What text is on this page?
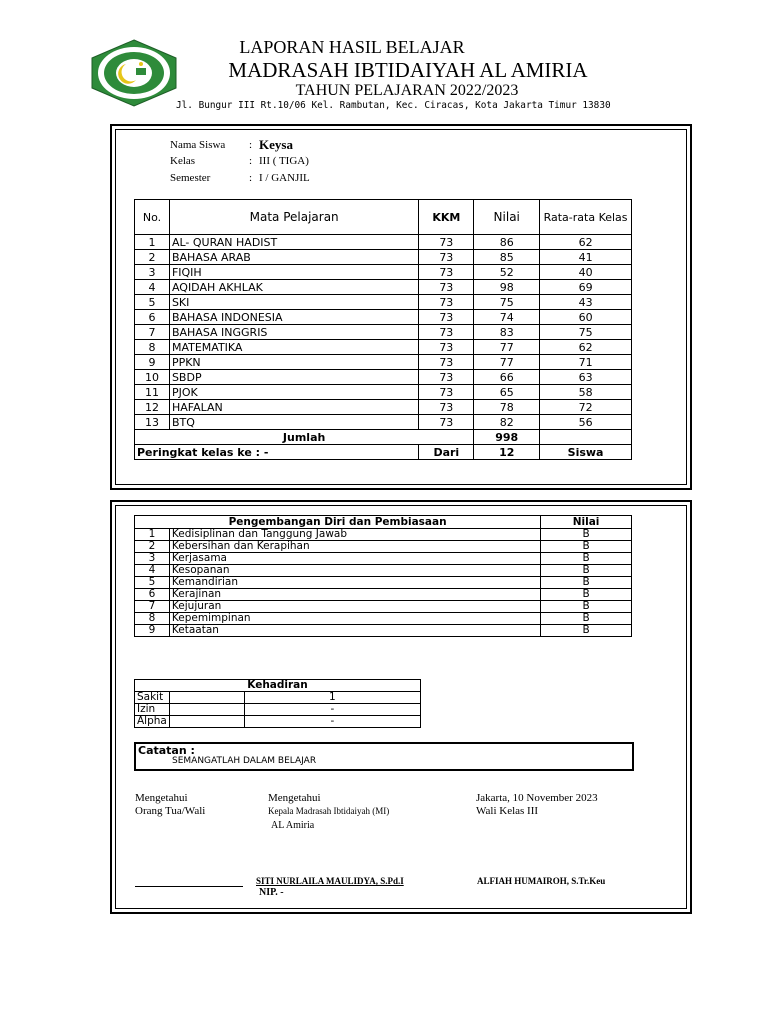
LAPORAN HASIL BELAJAR
MADRASAH IBTIDAIYAH AL AMIRIA
TAHUN PELAJARAN 2022/2023
Jl. Bungur III Rt.10/06 Kel. Rambutan, Kec. Ciracas, Kota Jakarta Timur 13830
Nama Siswa : Keysa
Kelas	: III ( TIGA)
Semester	: I / GANJIL
No.	Mata Pelajaran	KKM	Nilai	Rata-rata Kelas
1	AL- QURAN HADIST	73	86	62
2	BAHASA ARAB	73	85	41
3	FIQIH	73	52	40
4	AQIDAH AKHLAK	73	98	69
5	SKI	73	75	43
6	BAHASA INDONESIA	73	74	60
7	BAHASA INGGRIS	73	83	75
8	MATEMATIKA	73	77	62
9	PPKN	73	77	71
10	SBDP	73	66	63
11	PJOK	73	65	58
12	HAFALAN	73	78	72
13	BTQ	73	82	56
Jumlah			998	
Peringkat kelas ke : -		Dari	12	Siswa
Pengembangan Diri dan Pembiasaan		Nilai
1	Kedisiplinan dan Tanggung Jawab	B
2	Kebersihan dan Kerapihan	B
3	Kerjasama	B
4	Kesopanan	B
5	Kemandirian	B
6	Kerajinan	B
7	Kejujuran	B
8	Kepemimpinan	B
9	Ketaatan	B
Kehadiran		
Sakit		1
Izin		-
Alpha		-
Catatan :
SEMANGATLAH DALAM BELAJAR
Mengetahui
Orang Tua/Wali
Mengetahui
Kepala Madrasah Ibtidaiyah (MI)
AL Amiria
SITI NURLAILA MAULIDYA, S.Pd.I
NIP. -
Jakarta, 10 November 2023
Wali Kelas III
ALFIAH HUMAIROH, S.Tr.Keu
